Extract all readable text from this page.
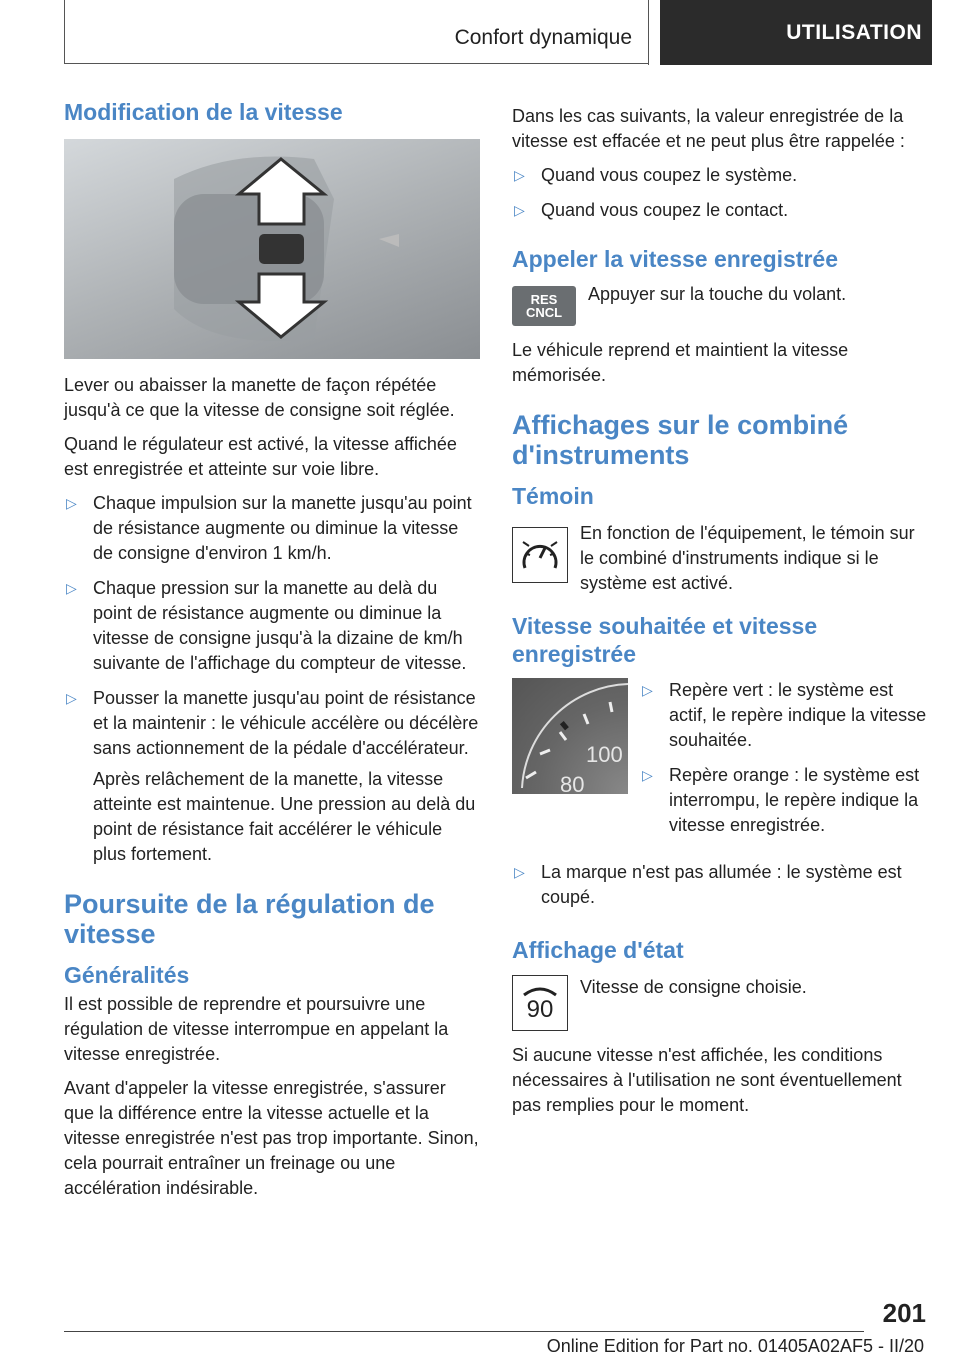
Confort dynamique	UTILISATION
Modification de la vitesse

Lever ou abaisser la manette de façon répétée jusqu'à ce que la vitesse de consigne soit réglée.

Quand le régulateur est activé, la vitesse affichée est enregistrée et atteinte sur voie libre.

▷ Chaque impulsion sur la manette jusqu'au point de résistance augmente ou diminue la vitesse de consigne d'environ 1 km/h.
▷ Chaque pression sur la manette au delà du point de résistance augmente ou diminue la vitesse de consigne jusqu'à la dizaine de km/h suivante de l'affichage du compteur de vitesse.
▷ Pousser la manette jusqu'au point de résistance et la maintenir : le véhicule accélère ou décélère sans actionnement de la pédale d'accélérateur.
Après relâchement de la manette, la vitesse atteinte est maintenue. Une pression au delà du point de résistance fait accélérer le véhicule plus fortement.
Poursuite de la régulation de vitesse
Généralités

Il est possible de reprendre et poursuivre une régulation de vitesse interrompue en appelant la vitesse enregistrée.

Avant d'appeler la vitesse enregistrée, s'assurer que la différence entre la vitesse actuelle et la vitesse enregistrée n'est pas trop importante. Sinon, cela pourrait entraîner un freinage ou une accélération indésirable.

Dans les cas suivants, la valeur enregistrée de la vitesse est effacée et ne peut plus être rappelée :

▷ Quand vous coupez le système.
▷ Quand vous coupez le contact.
Appeler la vitesse enregistrée
RES
CNCL
Appuyer sur la touche du volant.

Le véhicule reprend et maintient la vitesse mémorisée.

Affichages sur le combiné d'instruments
Témoin
En fonction de l'équipement, le témoin sur le combiné d'instruments indique si le système est activé.
Vitesse souhaitée et vitesse enregistrée
100
80
▷ Repère vert : le système est actif, le repère indique la vitesse souhaitée.
▷ Repère orange : le système est interrompu, le repère indique la vitesse enregistrée.
▷ La marque n'est pas allumée : le système est coupé.
Affichage d'état
90
Vitesse de consigne choisie.

Si aucune vitesse n'est affichée, les conditions nécessaires à l'utilisation ne sont éventuellement pas remplies pour le moment.

201
Online Edition for Part no. 01405A02AF5 - II/20
